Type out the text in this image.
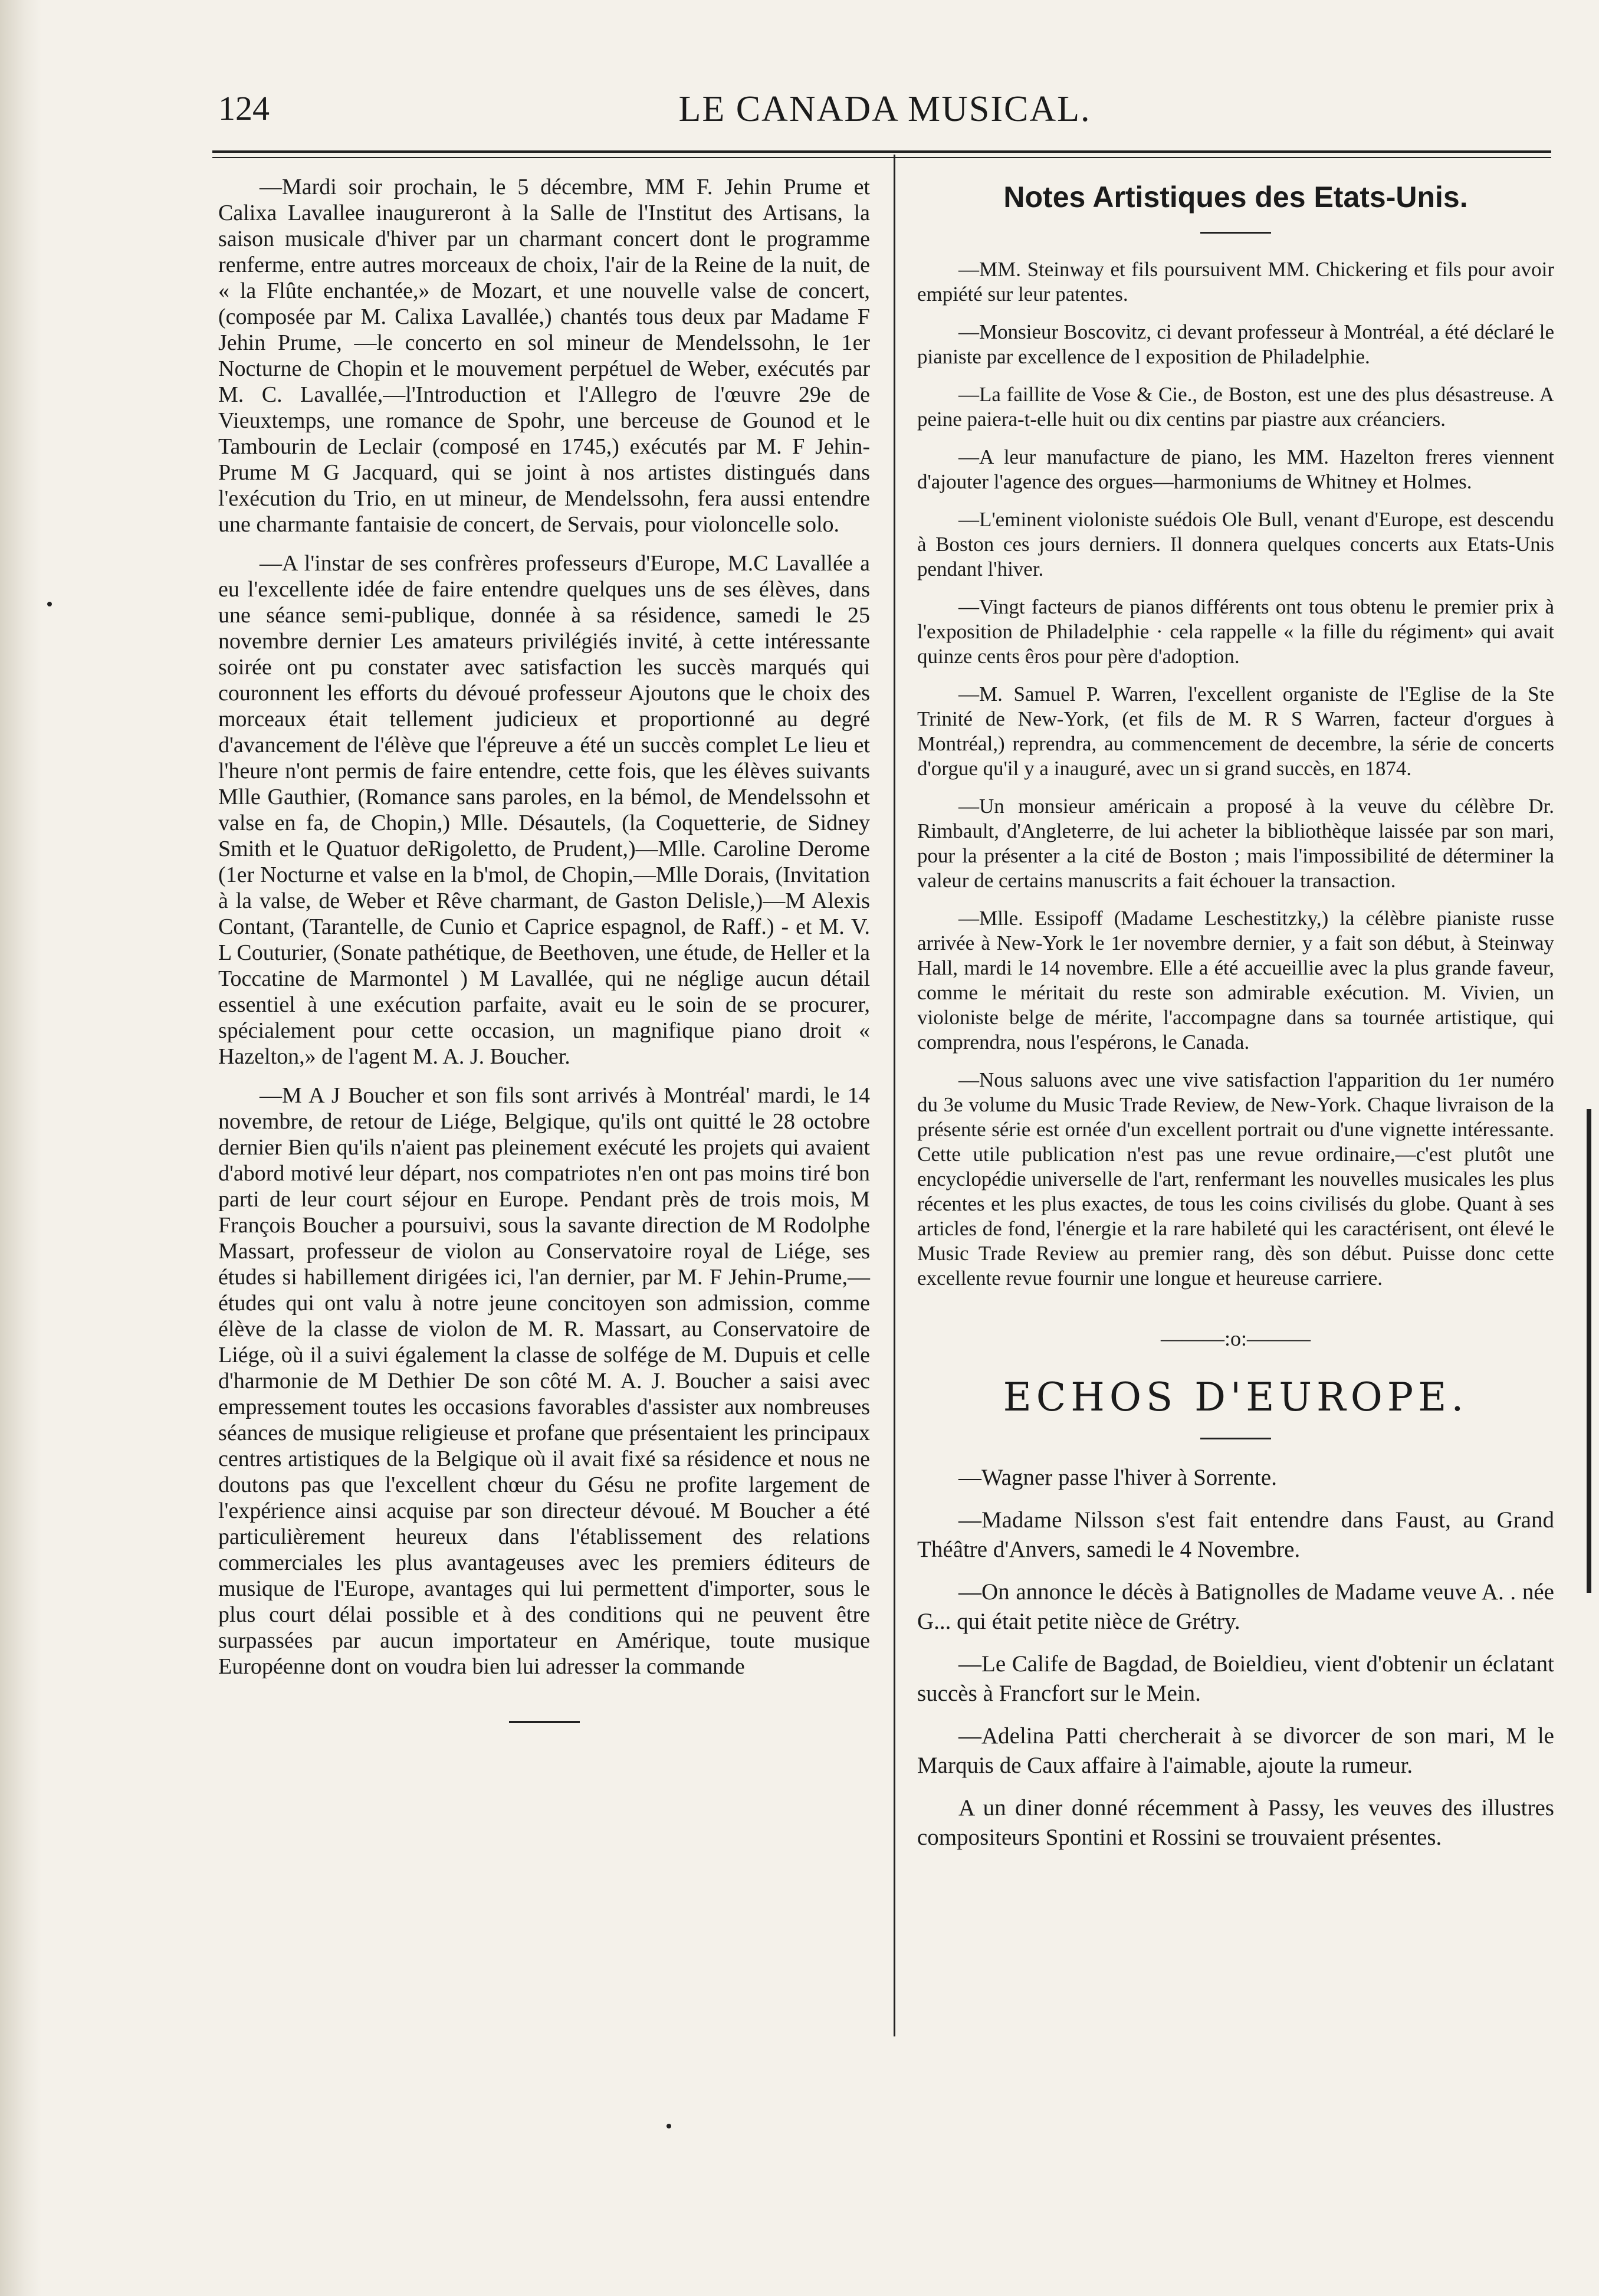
124	LE CANADA MUSICAL.

—Mardi soir prochain, le 5 décembre, MM F. Jehin Prume et Calixa Lavallee inaugureront à la Salle de l'Institut des Artisans, la saison musicale d'hiver par un charmant concert dont le programme renferme, entre autres morceaux de choix, l'air de la Reine de la nuit, de « la Flûte enchantée,» de Mozart, et une nouvelle valse de concert, (composée par M. Calixa Lavallée,) chantés tous deux par Madame F Jehin Prume, —le concerto en sol mineur de Mendelssohn, le 1er Nocturne de Chopin et le mouvement perpétuel de Weber, exécutés par M. C. Lavallée,—l'Introduction et l'Allegro de l'œuvre 29e de Vieuxtemps, une romance de Spohr, une berceuse de Gounod et le Tambourin de Leclair (composé en 1745,) exécutés par M. F Jehin-Prume M G Jacquard, qui se joint à nos artistes distingués dans l'exécution du Trio, en ut mineur, de Mendelssohn, fera aussi entendre une charmante fantaisie de concert, de Servais, pour violoncelle solo.

—A l'instar de ses confrères professeurs d'Europe, M.C Lavallée a eu l'excellente idée de faire entendre quelques uns de ses élèves, dans une séance semi-publique, donnée à sa résidence, samedi le 25 novembre dernier Les amateurs privilégiés invité, à cette intéressante soirée ont pu constater avec satisfaction les succès marqués qui couronnent les efforts du dévoué professeur Ajoutons que le choix des morceaux était tellement judicieux et proportionné au degré d'avancement de l'élève que l'épreuve a été un succès complet Le lieu et l'heure n'ont permis de faire entendre, cette fois, que les élèves suivants Mlle Gauthier, (Romance sans paroles, en la bémol, de Mendelssohn et valse en fa, de Chopin,) Mlle. Désautels, (la Coquetterie, de Sidney Smith et le Quatuor deRigoletto, de Prudent,)—Mlle. Caroline Derome (1er Nocturne et valse en la b'mol, de Chopin,—Mlle Dorais, (Invitation à la valse, de Weber et Rêve charmant, de Gaston Delisle,)—M Alexis Contant, (Tarantelle, de Cunio et Caprice espagnol, de Raff.) - et M. V. L Couturier, (Sonate pathétique, de Beethoven, une étude, de Heller et la Toccatine de Marmontel ) M Lavallée, qui ne néglige aucun détail essentiel à une exécution parfaite, avait eu le soin de se procurer, spécialement pour cette occasion, un magnifique piano droit « Hazelton,» de l'agent M. A. J. Boucher.

—M A J Boucher et son fils sont arrivés à Montréal' mardi, le 14 novembre, de retour de Liége, Belgique, qu'ils ont quitté le 28 octobre dernier Bien qu'ils n'aient pas pleinement exécuté les projets qui avaient d'abord motivé leur départ, nos compatriotes n'en ont pas moins tiré bon parti de leur court séjour en Europe. Pendant près de trois mois, M François Boucher a poursuivi, sous la savante direction de M Rodolphe Massart, professeur de violon au Conservatoire royal de Liége, ses études si habillement dirigées ici, l'an dernier, par M. F Jehin-Prume,—études qui ont valu à notre jeune concitoyen son admission, comme élève de la classe de violon de M. R. Massart, au Conservatoire de Liége, où il a suivi également la classe de solfége de M. Dupuis et celle d'harmonie de M Dethier De son côté M. A. J. Boucher a saisi avec empressement toutes les occasions favorables d'assister aux nombreuses séances de musique religieuse et profane que présentaient les principaux centres artistiques de la Belgique où il avait fixé sa résidence et nous ne doutons pas que l'excellent chœur du Gésu ne profite largement de l'expérience ainsi acquise par son directeur dévoué. M Boucher a été particulièrement heureux dans l'établissement des relations commerciales les plus avantageuses avec les premiers éditeurs de musique de l'Europe, avantages qui lui permettent d'importer, sous le plus court délai possible et à des conditions qui ne peuvent être surpassées par aucun importateur en Amérique, toute musique Européenne dont on voudra bien lui adresser la commande

Notes Artistiques des Etats-Unis.

—MM. Steinway et fils poursuivent MM. Chickering et fils pour avoir empiété sur leur patentes.

—Monsieur Boscovitz, ci devant professeur à Montréal, a été déclaré le pianiste par excellence de l exposition de Philadelphie.

—La faillite de Vose & Cie., de Boston, est une des plus désastreuse. A peine paiera-t-elle huit ou dix centins par piastre aux créanciers.

—A leur manufacture de piano, les MM. Hazelton freres viennent d'ajouter l'agence des orgues—harmoniums de Whitney et Holmes.

—L'eminent violoniste suédois Ole Bull, venant d'Europe, est descendu à Boston ces jours derniers. Il donnera quelques concerts aux Etats-Unis pendant l'hiver.

—Vingt facteurs de pianos différents ont tous obtenu le premier prix à l'exposition de Philadelphie · cela rappelle « la fille du régiment» qui avait quinze cents êros pour père d'adoption.

—M. Samuel P. Warren, l'excellent organiste de l'Eglise de la Ste Trinité de New-York, (et fils de M. R S Warren, facteur d'orgues à Montréal,) reprendra, au commencement de decembre, la série de concerts d'orgue qu'il y a inauguré, avec un si grand succès, en 1874.

—Un monsieur américain a proposé à la veuve du célèbre Dr. Rimbault, d'Angleterre, de lui acheter la bibliothèque laissée par son mari, pour la présenter a la cité de Boston ; mais l'impossibilité de déterminer la valeur de certains manuscrits a fait échouer la transaction.

—Mlle. Essipoff (Madame Leschestitzky,) la célèbre pianiste russe arrivée à New-York le 1er novembre dernier, y a fait son début, à Steinway Hall, mardi le 14 novembre. Elle a été accueillie avec la plus grande faveur, comme le méritait du reste son admirable exécution. M. Vivien, un violoniste belge de mérite, l'accompagne dans sa tournée artistique, qui comprendra, nous l'espérons, le Canada.

—Nous saluons avec une vive satisfaction l'apparition du 1er numéro du 3e volume du Music Trade Review, de New-York. Chaque livraison de la présente série est ornée d'un excellent portrait ou d'une vignette intéressante. Cette utile publication n'est pas une revue ordinaire,—c'est plutôt une encyclopédie universelle de l'art, renfermant les nouvelles musicales les plus récentes et les plus exactes, de tous les coins civilisés du globe. Quant à ses articles de fond, l'énergie et la rare habileté qui les caractérisent, ont élevé le Music Trade Review au premier rang, dès son début. Puisse donc cette excellente revue fournir une longue et heureuse carriere.

———:o:———
ECHOS D'EUROPE.

—Wagner passe l'hiver à Sorrente.

—Madame Nilsson s'est fait entendre dans Faust, au Grand Théâtre d'Anvers, samedi le 4 Novembre.

—On annonce le décès à Batignolles de Madame veuve A. . née G... qui était petite nièce de Grétry.

—Le Calife de Bagdad, de Boieldieu, vient d'obtenir un éclatant succès à Francfort sur le Mein.

—Adelina Patti chercherait à se divorcer de son mari, M le Marquis de Caux affaire à l'aimable, ajoute la rumeur.

A un diner donné récemment à Passy, les veuves des illustres compositeurs Spontini et Rossini se trouvaient présentes.
